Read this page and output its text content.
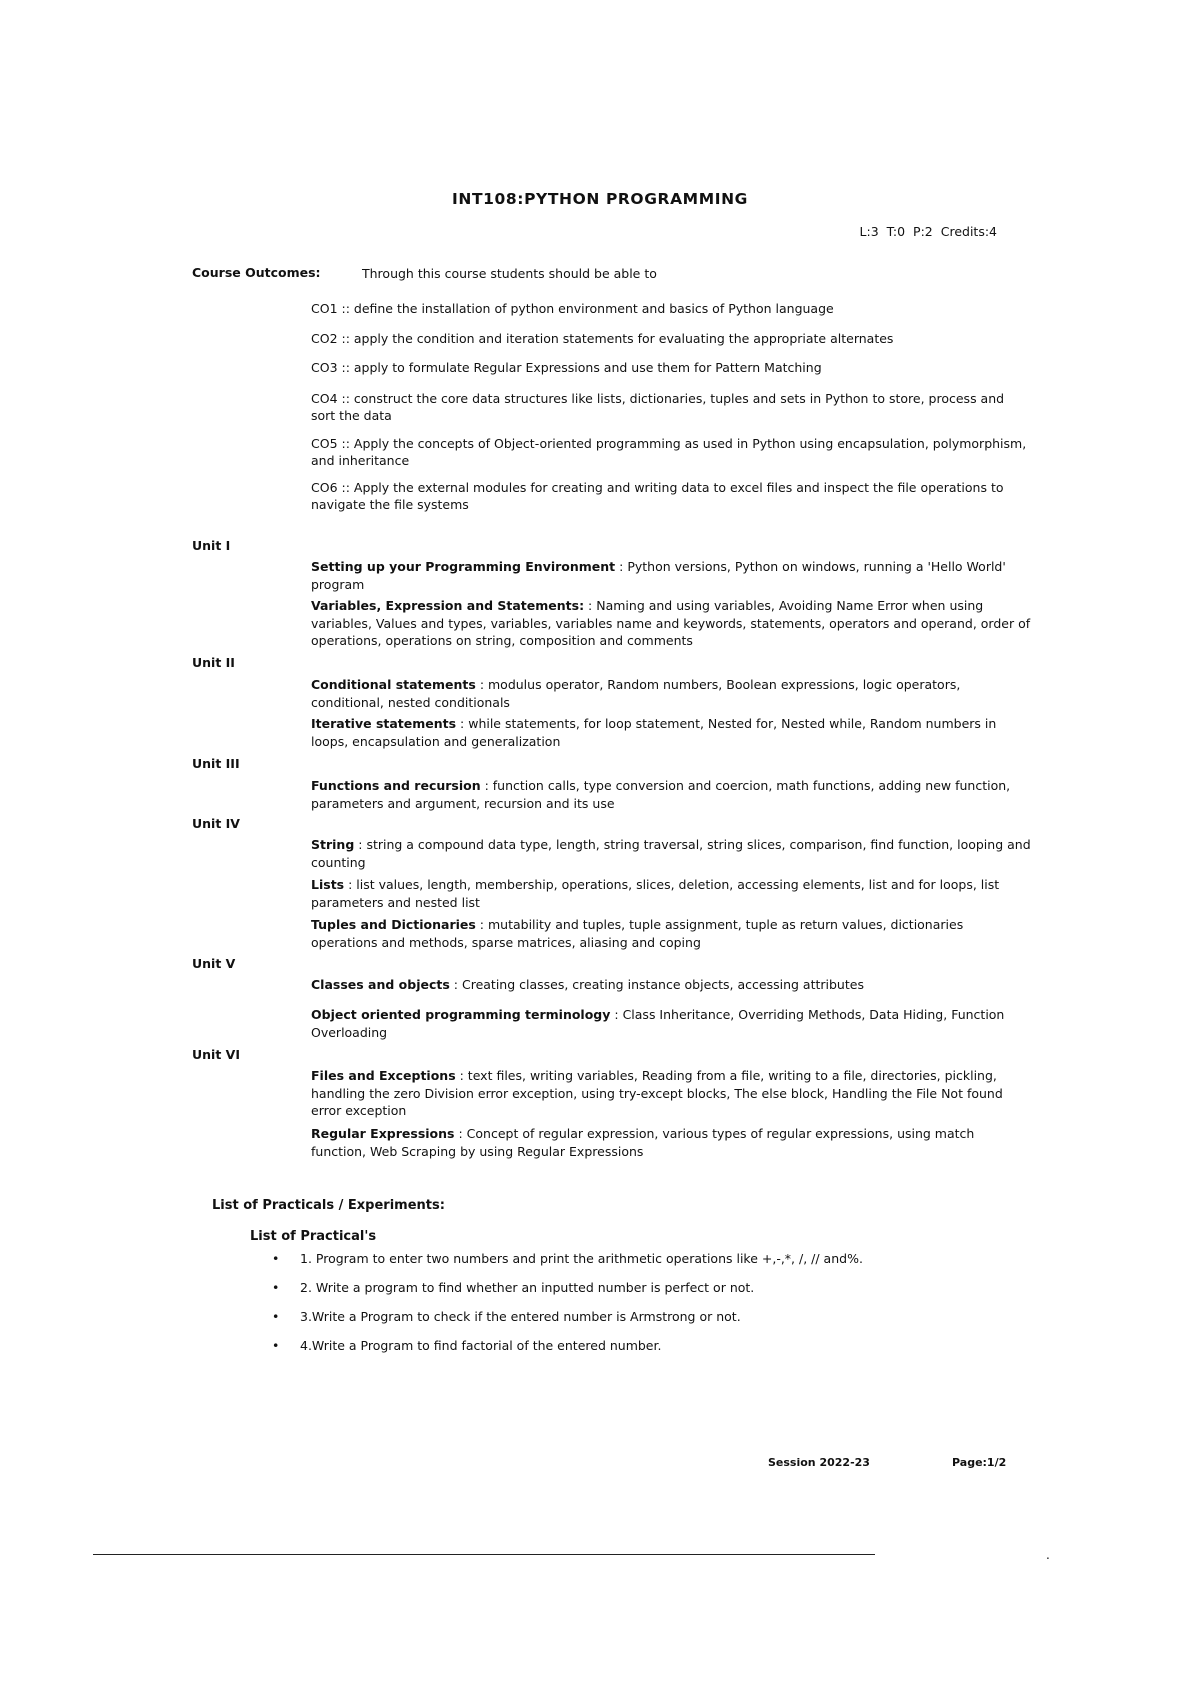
INT108:PYTHON PROGRAMMING
L:3 T:0 P:2 Credits:4
Course Outcomes:	Through this course students should be able to
CO1 :: define the installation of python environment and basics of Python language
CO2 :: apply the condition and iteration statements for evaluating the appropriate alternates
CO3 :: apply to formulate Regular Expressions and use them for Pattern Matching
CO4 :: construct the core data structures like lists, dictionaries, tuples and sets in Python to store, process and sort the data
CO5 :: Apply the concepts of Object-oriented programming as used in Python using encapsulation, polymorphism, and inheritance
CO6 :: Apply the external modules for creating and writing data to excel files and inspect the file operations to navigate the file systems
Unit I
Setting up your Programming Environment : Python versions, Python on windows, running a 'Hello World' program
Variables, Expression and Statements: : Naming and using variables, Avoiding Name Error when using variables, Values and types, variables, variables name and keywords, statements, operators and operand, order of operations, operations on string, composition and comments
Unit II
Conditional statements : modulus operator, Random numbers, Boolean expressions, logic operators, conditional, nested conditionals
Iterative statements : while statements, for loop statement, Nested for, Nested while, Random numbers in loops, encapsulation and generalization
Unit III
Functions and recursion : function calls, type conversion and coercion, math functions, adding new function, parameters and argument, recursion and its use
Unit IV
String : string a compound data type, length, string traversal, string slices, comparison, find function, looping and counting
Lists : list values, length, membership, operations, slices, deletion, accessing elements, list and for loops, list parameters and nested list
Tuples and Dictionaries : mutability and tuples, tuple assignment, tuple as return values, dictionaries operations and methods, sparse matrices, aliasing and coping
Unit V
Classes and objects : Creating classes, creating instance objects, accessing attributes
Object oriented programming terminology : Class Inheritance, Overriding Methods, Data Hiding, Function Overloading
Unit VI
Files and Exceptions : text files, writing variables, Reading from a file, writing to a file, directories, pickling, handling the zero Division error exception, using try-except blocks, The else block, Handling the File Not found error exception
Regular Expressions : Concept of regular expression, various types of regular expressions, using match function, Web Scraping by using Regular Expressions
List of Practicals / Experiments:
List of Practical's
• 1. Program to enter two numbers and print the arithmetic operations like +,-,*, /, // and%.
• 2. Write a program to find whether an inputted number is perfect or not.
• 3.Write a Program to check if the entered number is Armstrong or not.
• 4.Write a Program to find factorial of the entered number.
Session 2022-23	Page:1/2
.
